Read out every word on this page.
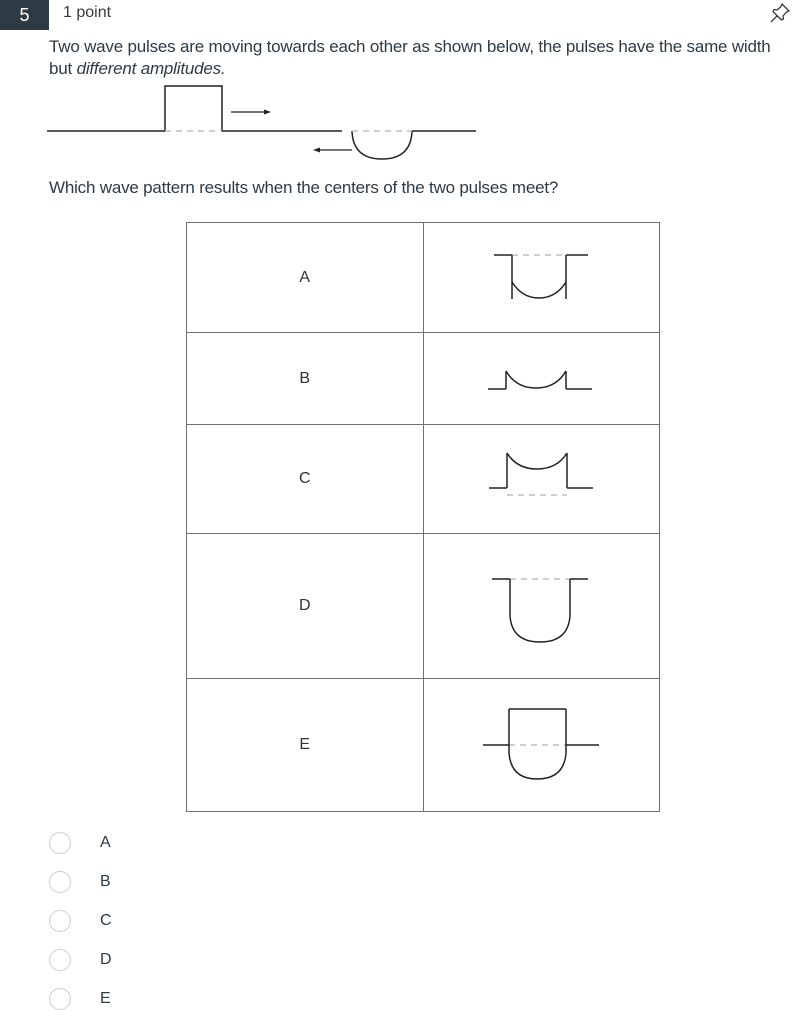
5 1 point
Two wave pulses are moving towards each other as shown below, the pulses have the same width but different amplitudes.
Which wave pattern results when the centers of the two pulses meet?
A	

B	

C	

D	

E	
A
B
C
D
E
